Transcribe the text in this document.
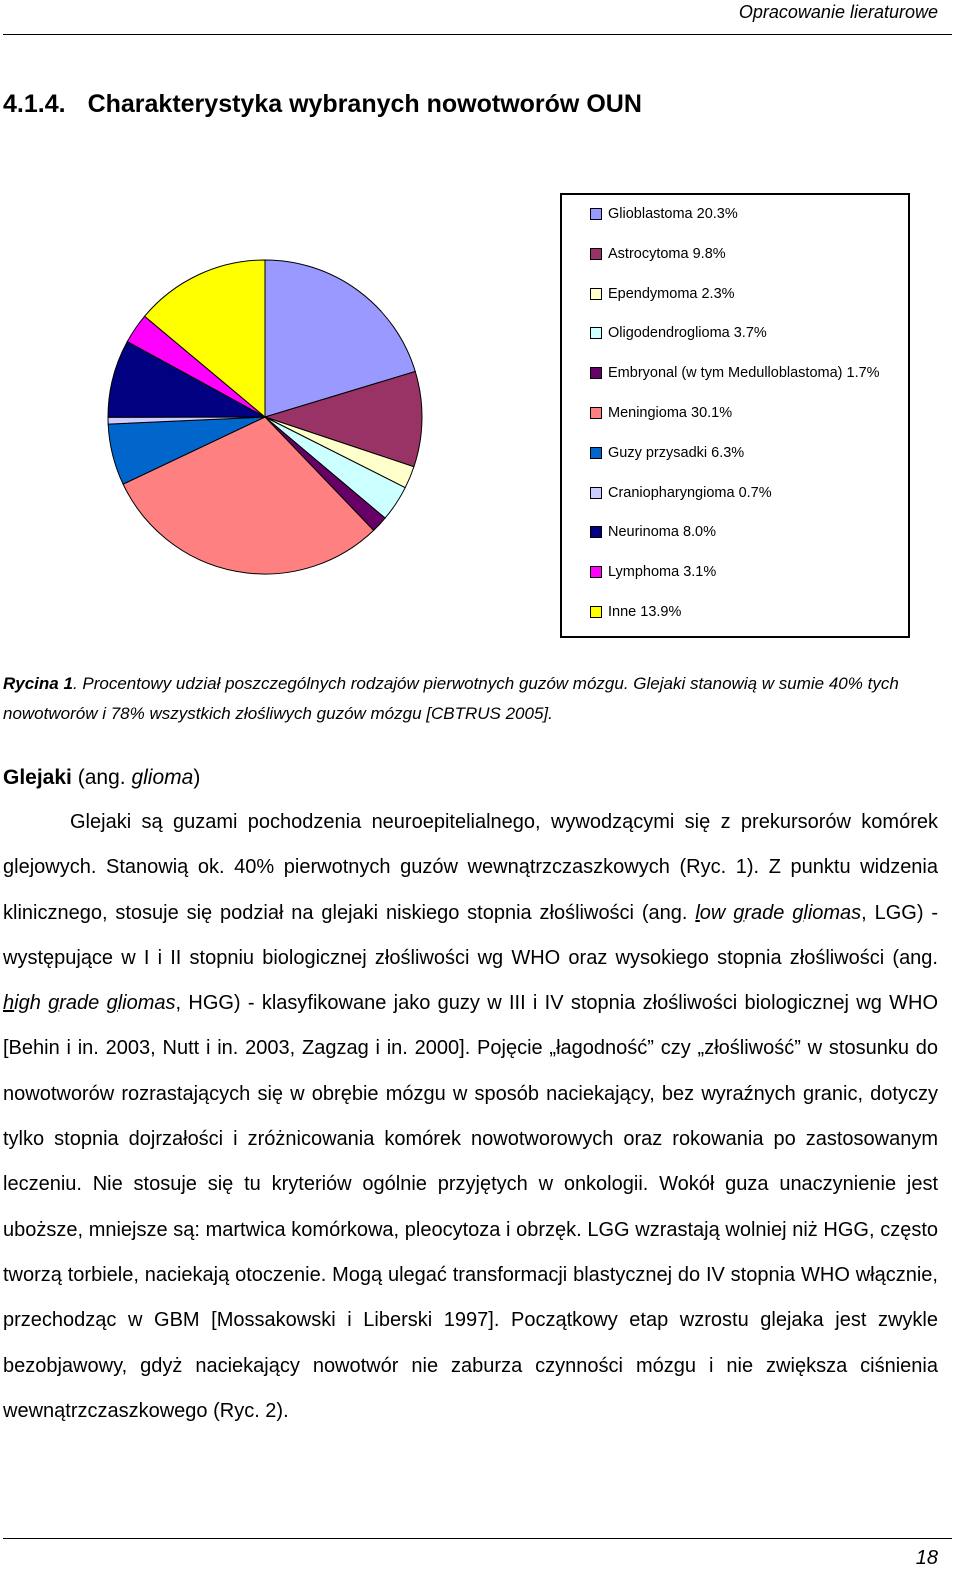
Opracowanie lieraturowe
4.1.4. Charakterystyka wybranych nowotworów OUN
Glioblastoma 20.3%
Astrocytoma 9.8%
Ependymoma 2.3%
Oligodendroglioma 3.7%
Embryonal (w tym Medulloblastoma) 1.7%
Meningioma 30.1%
Guzy przysadki 6.3%
Craniopharyngioma 0.7%
Neurinoma 8.0%
Lymphoma 3.1%
Inne 13.9%
Rycina 1. Procentowy udział poszczególnych rodzajów pierwotnych guzów mózgu. Glejaki stanowią w sumie 40% tych nowotworów i 78% wszystkich złośliwych guzów mózgu [CBTRUS 2005].
Glejaki (ang. glioma)

Glejaki są guzami pochodzenia neuroepitelialnego, wywodzącymi się z prekursorów komórek glejowych. Stanowią ok. 40% pierwotnych guzów wewnątrzczaszkowych (Ryc. 1). Z punktu widzenia klinicznego, stosuje się podział na glejaki niskiego stopnia złośliwości (ang. low grade gliomas, LGG) - występujące w I i II stopniu biologicznej złośliwości wg WHO oraz wysokiego stopnia złośliwości (ang. high grade gliomas, HGG) - klasyfikowane jako guzy w III i IV stopnia złośliwości biologicznej wg WHO [Behin i in. 2003, Nutt i in. 2003, Zagzag i in. 2000]. Pojęcie „łagodność” czy „złośliwość” w stosunku do nowotworów rozrastających się w obrębie mózgu w sposób naciekający, bez wyraźnych granic, dotyczy tylko stopnia dojrzałości i zróżnicowania komórek nowotworowych oraz rokowania po zastosowanym leczeniu. Nie stosuje się tu kryteriów ogólnie przyjętych w onkologii. Wokół guza unaczynienie jest uboższe, mniejsze są: martwica komórkowa, pleocytoza i obrzęk. LGG wzrastają wolniej niż HGG, często tworzą torbiele, naciekają otoczenie. Mogą ulegać transformacji blastycznej do IV stopnia WHO włącznie, przechodząc w GBM [Mossakowski i Liberski 1997]. Początkowy etap wzrostu glejaka jest zwykle bezobjawowy, gdyż naciekający nowotwór nie zaburza czynności mózgu i nie zwiększa ciśnienia wewnątrzczaszkowego (Ryc. 2).

18
